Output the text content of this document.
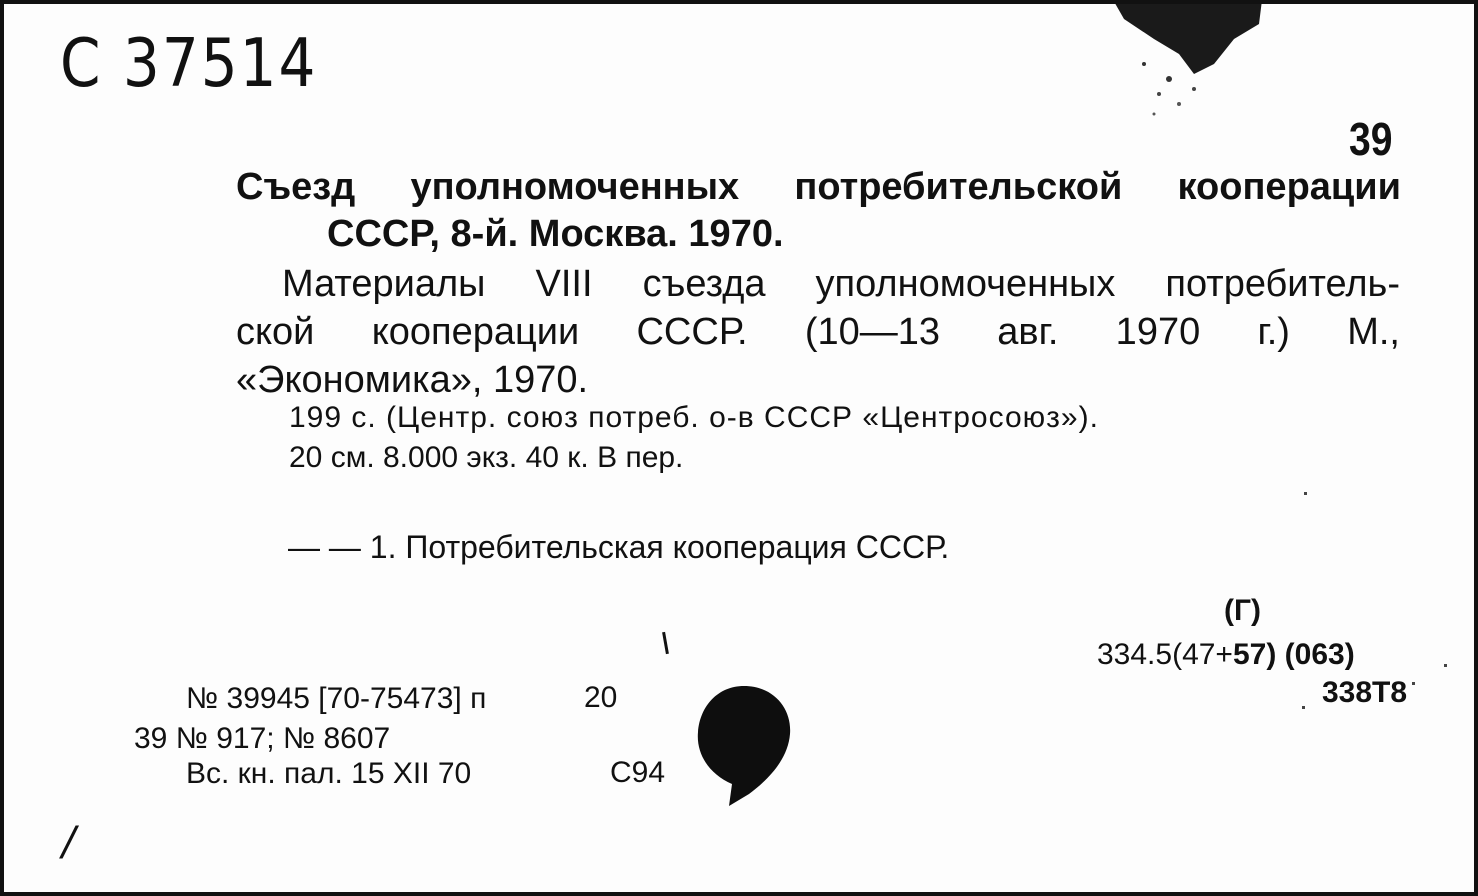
C 37514
39
Съезд уполномоченных потребительской кооперации
СССР, 8-й. Москва. 1970.
Материалы VIII съезда уполномоченных потребитель-
ской кооперации СССР. (10—13 авг. 1970 г.) М.,
«Экономика», 1970.
199 с. (Центр. союз потреб. о-в СССР «Центросоюз»).
20 см. 8.000 экз. 40 к. В пер.
— — 1. Потребительская кооперация СССР.
(Г)
334.5(47+57) (063)
338Т8
№ 39945 [70-75473] п	20
39 № 917; № 8607
Вс. кн. пал. 15 XII 70	С94
/
